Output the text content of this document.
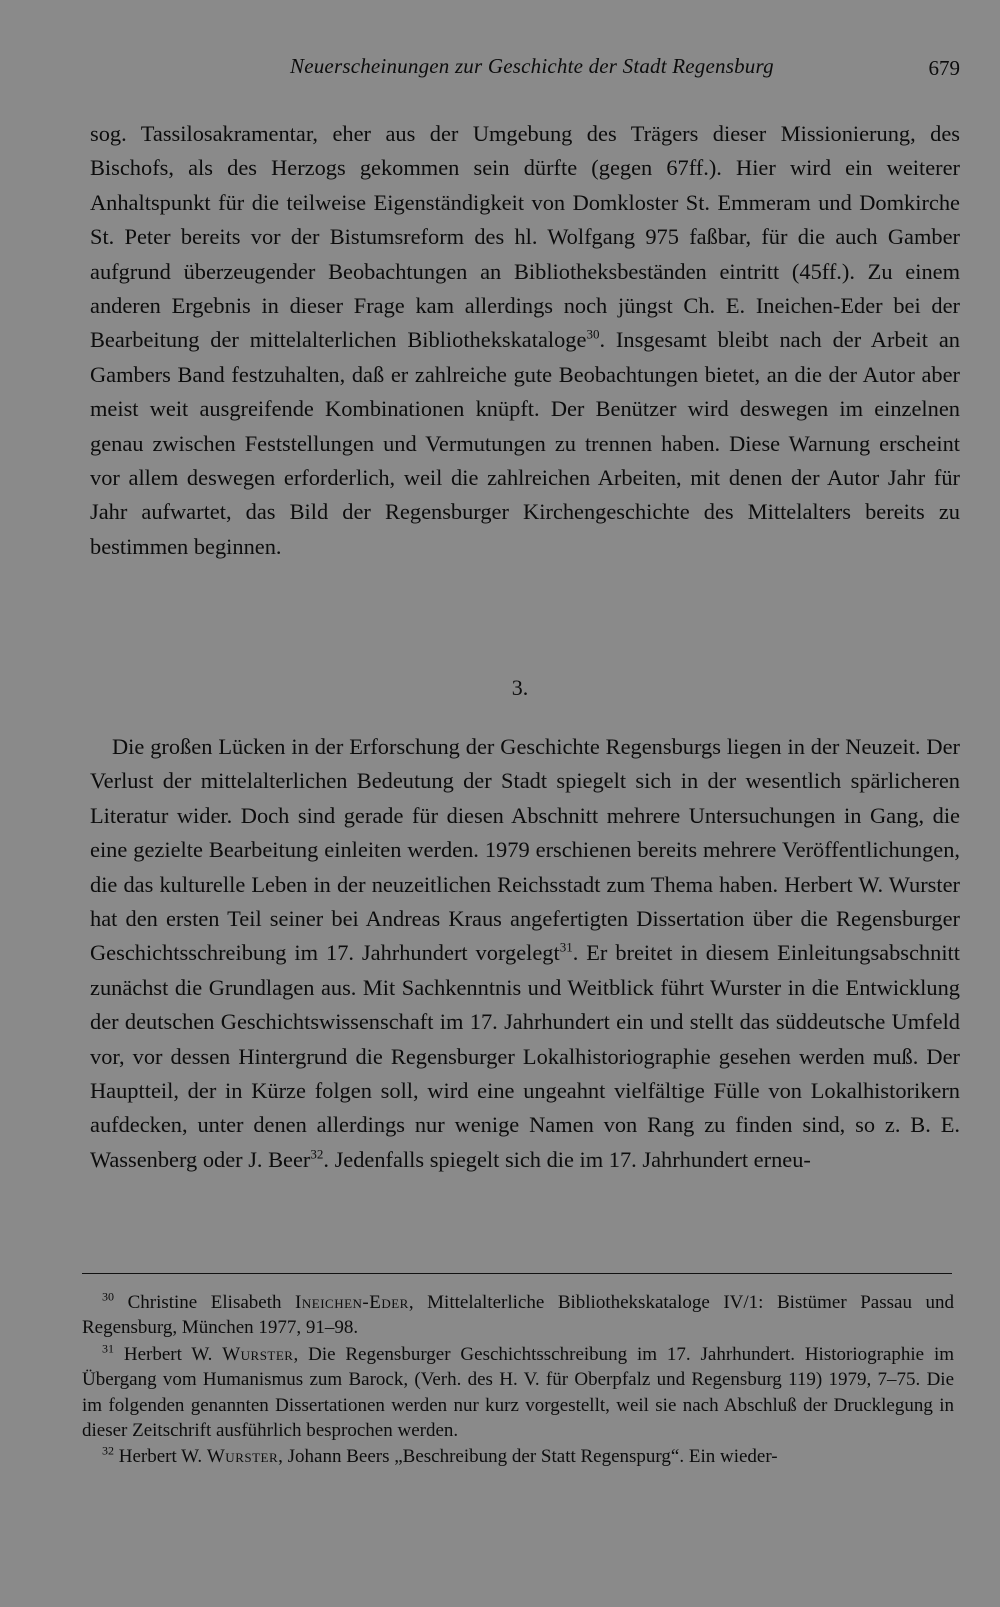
Neuerscheinungen zur Geschichte der Stadt Regensburg	679

sog. Tassilosakramentar, eher aus der Umgebung des Trägers dieser Missionierung, des Bischofs, als des Herzogs gekommen sein dürfte (gegen 67ff.). Hier wird ein weiterer Anhaltspunkt für die teilweise Eigenständigkeit von Domkloster St. Emmeram und Domkirche St. Peter bereits vor der Bistumsreform des hl. Wolfgang 975 faßbar, für die auch Gamber aufgrund überzeugender Beobachtungen an Bibliotheksbeständen eintritt (45ff.). Zu einem anderen Ergebnis in dieser Frage kam allerdings noch jüngst Ch. E. Ineichen-Eder bei der Bearbeitung der mittelalterlichen Bibliothekskataloge$^{30}$. Insgesamt bleibt nach der Arbeit an Gambers Band festzuhalten, daß er zahlreiche gute Beobachtungen bietet, an die der Autor aber meist weit ausgreifende Kombinationen knüpft. Der Benützer wird deswegen im einzelnen genau zwischen Feststellungen und Vermutungen zu trennen haben. Diese Warnung erscheint vor allem deswegen erforderlich, weil die zahlreichen Arbeiten, mit denen der Autor Jahr für Jahr aufwartet, das Bild der Regensburger Kirchengeschichte des Mittelalters bereits zu bestimmen beginnen.

3.

Die großen Lücken in der Erforschung der Geschichte Regensburgs liegen in der Neuzeit. Der Verlust der mittelalterlichen Bedeutung der Stadt spiegelt sich in der wesentlich spärlicheren Literatur wider. Doch sind gerade für diesen Abschnitt mehrere Untersuchungen in Gang, die eine gezielte Bearbeitung einleiten werden. 1979 erschienen bereits mehrere Veröffentlichungen, die das kulturelle Leben in der neuzeitlichen Reichsstadt zum Thema haben. Herbert W. Wurster hat den ersten Teil seiner bei Andreas Kraus angefertigten Dissertation über die Regensburger Geschichtsschreibung im 17. Jahrhundert vorgelegt$^{31}$. Er breitet in diesem Einleitungsabschnitt zunächst die Grundlagen aus. Mit Sachkenntnis und Weitblick führt Wurster in die Entwicklung der deutschen Geschichtswissenschaft im 17. Jahrhundert ein und stellt das süddeutsche Umfeld vor, vor dessen Hintergrund die Regensburger Lokalhistoriographie gesehen werden muß. Der Hauptteil, der in Kürze folgen soll, wird eine ungeahnt vielfältige Fülle von Lokalhistorikern aufdecken, unter denen allerdings nur wenige Namen von Rang zu finden sind, so z. B. E. Wassenberg oder J. Beer$^{32}$. Jedenfalls spiegelt sich die im 17. Jahrhundert erneu-

$^{30}$ Christine Elisabeth Ineichen-Eder, Mittelalterliche Bibliothekskataloge IV/1: Bistümer Passau und Regensburg, München 1977, 91–98.

$^{31}$ Herbert W. Wurster, Die Regensburger Geschichtsschreibung im 17. Jahrhundert. Historiographie im Übergang vom Humanismus zum Barock, (Verh. des H. V. für Oberpfalz und Regensburg 119) 1979, 7–75. Die im folgenden genannten Dissertationen werden nur kurz vorgestellt, weil sie nach Abschluß der Drucklegung in dieser Zeitschrift ausführlich besprochen werden.

$^{32}$ Herbert W. Wurster, Johann Beers „Beschreibung der Statt Regenspurg“. Ein wieder-
